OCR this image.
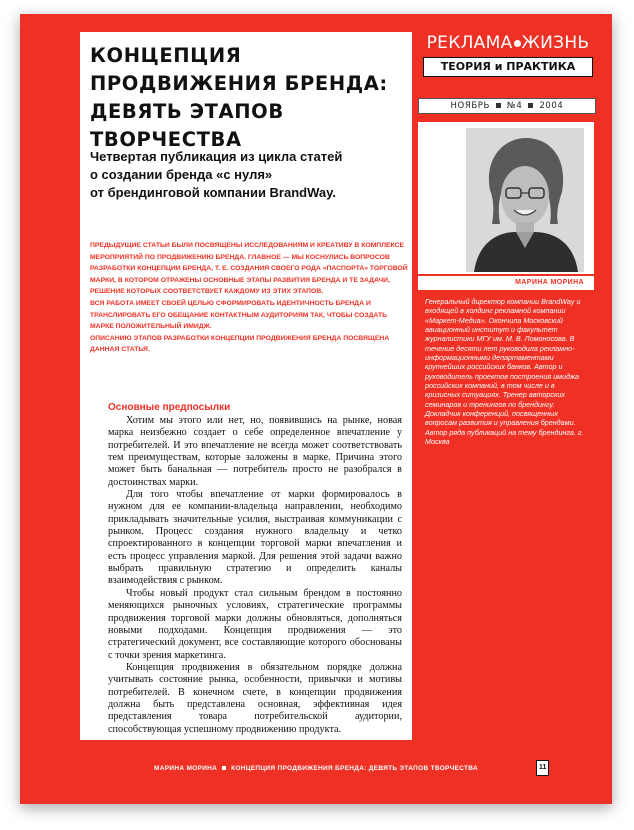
КОНЦЕПЦИЯ
ПРОДВИЖЕНИЯ БРЕНДА:
ДЕВЯТЬ ЭТАПОВ ТВОРЧЕСТВА
Четвертая публикация из цикла статей
о создании бренда «с нуля»
от брендинговой компании BrandWay.

ПРЕДЫДУЩИЕ СТАТЬИ БЫЛИ ПОСВЯЩЕНЫ ИССЛЕДОВАНИЯМ И КРЕАТИВУ В КОМПЛЕКСЕ МЕРОПРИЯТИЙ ПО ПРОДВИЖЕНИЮ БРЕНДА. ГЛАВНОЕ — МЫ КОСНУЛИСЬ ВОПРОСОВ РАЗРАБОТКИ КОНЦЕПЦИИ БРЕНДА, Т. Е. СОЗДАНИЯ СВОЕГО РОДА «ПАСПОРТА» ТОРГОВОЙ МАРКИ, В КОТОРОМ ОТРАЖЕНЫ ОСНОВНЫЕ ЭТАПЫ РАЗВИТИЯ БРЕНДА И ТЕ ЗАДАЧИ, РЕШЕНИЕ КОТОРЫХ СООТВЕТСТВУЕТ КАЖДОМУ ИЗ ЭТИХ ЭТАПОВ.

ВСЯ РАБОТА ИМЕЕТ СВОЕЙ ЦЕЛЬЮ СФОРМИРОВАТЬ ИДЕНТИЧНОСТЬ БРЕНДА И ТРАНСЛИРОВАТЬ ЕГО ОБЕЩАНИЕ КОНТАКТНЫМ АУДИТОРИЯМ ТАК, ЧТОБЫ СОЗДАТЬ МАРКЕ ПОЛОЖИТЕЛЬНЫЙ ИМИДЖ.

ОПИСАНИЮ ЭТАПОВ РАЗРАБОТКИ КОНЦЕПЦИИ ПРОДВИЖЕНИЯ БРЕНДА ПОСВЯЩЕНА ДАННАЯ СТАТЬЯ.

Основные предпосылки

Хотим мы этого или нет, но, появившись на рынке, новая марка неизбежно создает о себе определенное впечатление у потребителей. И это впечатление не всегда может соответствовать тем преимуществам, которые заложены в марке. Причина этого может быть банальная — потребитель просто не разобрался в достоинствах марки.

Для того чтобы впечатление от марки формировалось в нужном для ее компании-владельца направлении, необходимо прикладывать значительные усилия, выстраивая коммуникации с рынком. Процесс создания нужного владельцу и четко спроектированного в концепции торговой марки впечатления и есть процесс управления маркой. Для решения этой задачи важно выбрать правильную стратегию и определить каналы взаимодействия с рынком.

Чтобы новый продукт стал сильным брендом в постоянно меняющихся рыночных условиях, стратегические программы продвижения торговой марки должны обновляться, дополняться новыми подходами. Концепция продвижения — это стратегический документ, все составляющие которого обоснованы с точки зрения маркетинга.

Концепция продвижения в обязательном порядке должна учитывать состояние рынка, особенности, привычки и мотивы потребителей. В конечном счете, в концепции продвижения должна быть представлена основная, эффективная идея представления товара потребительской аудитории, способствующая успешному продвижению продукта.

РЕКЛАМА ЖИЗНЬ
ТЕОРИЯ и ПРАКТИКА
НОЯБРЬ №4 2004
МАРИНА МОРИНА

Генеральный директор компании BrandWay и входящей в холдинг рекламной компании «Маркет-Медиа». Окончила Московский авиационный институт и факультет журналистики МГУ им. М. В. Ломоносова. В течение десяти лет руководила рекламно-информационными департаментами крупнейших российских банков. Автор и руководитель проектов построения имиджа российских компаний, в том числе и в кризисных ситуациях. Тренер авторских семинаров и тренингов по брендингу. Докладчик конференций, посвященных вопросам развития и управления брендами. Автор ряда публикаций на тему брендинга. г. Москва

МАРИНА МОРИНА КОНЦЕПЦИЯ ПРОДВИЖЕНИЯ БРЕНДА: ДЕВЯТЬ ЭТАПОВ ТВОРЧЕСТВА	11
